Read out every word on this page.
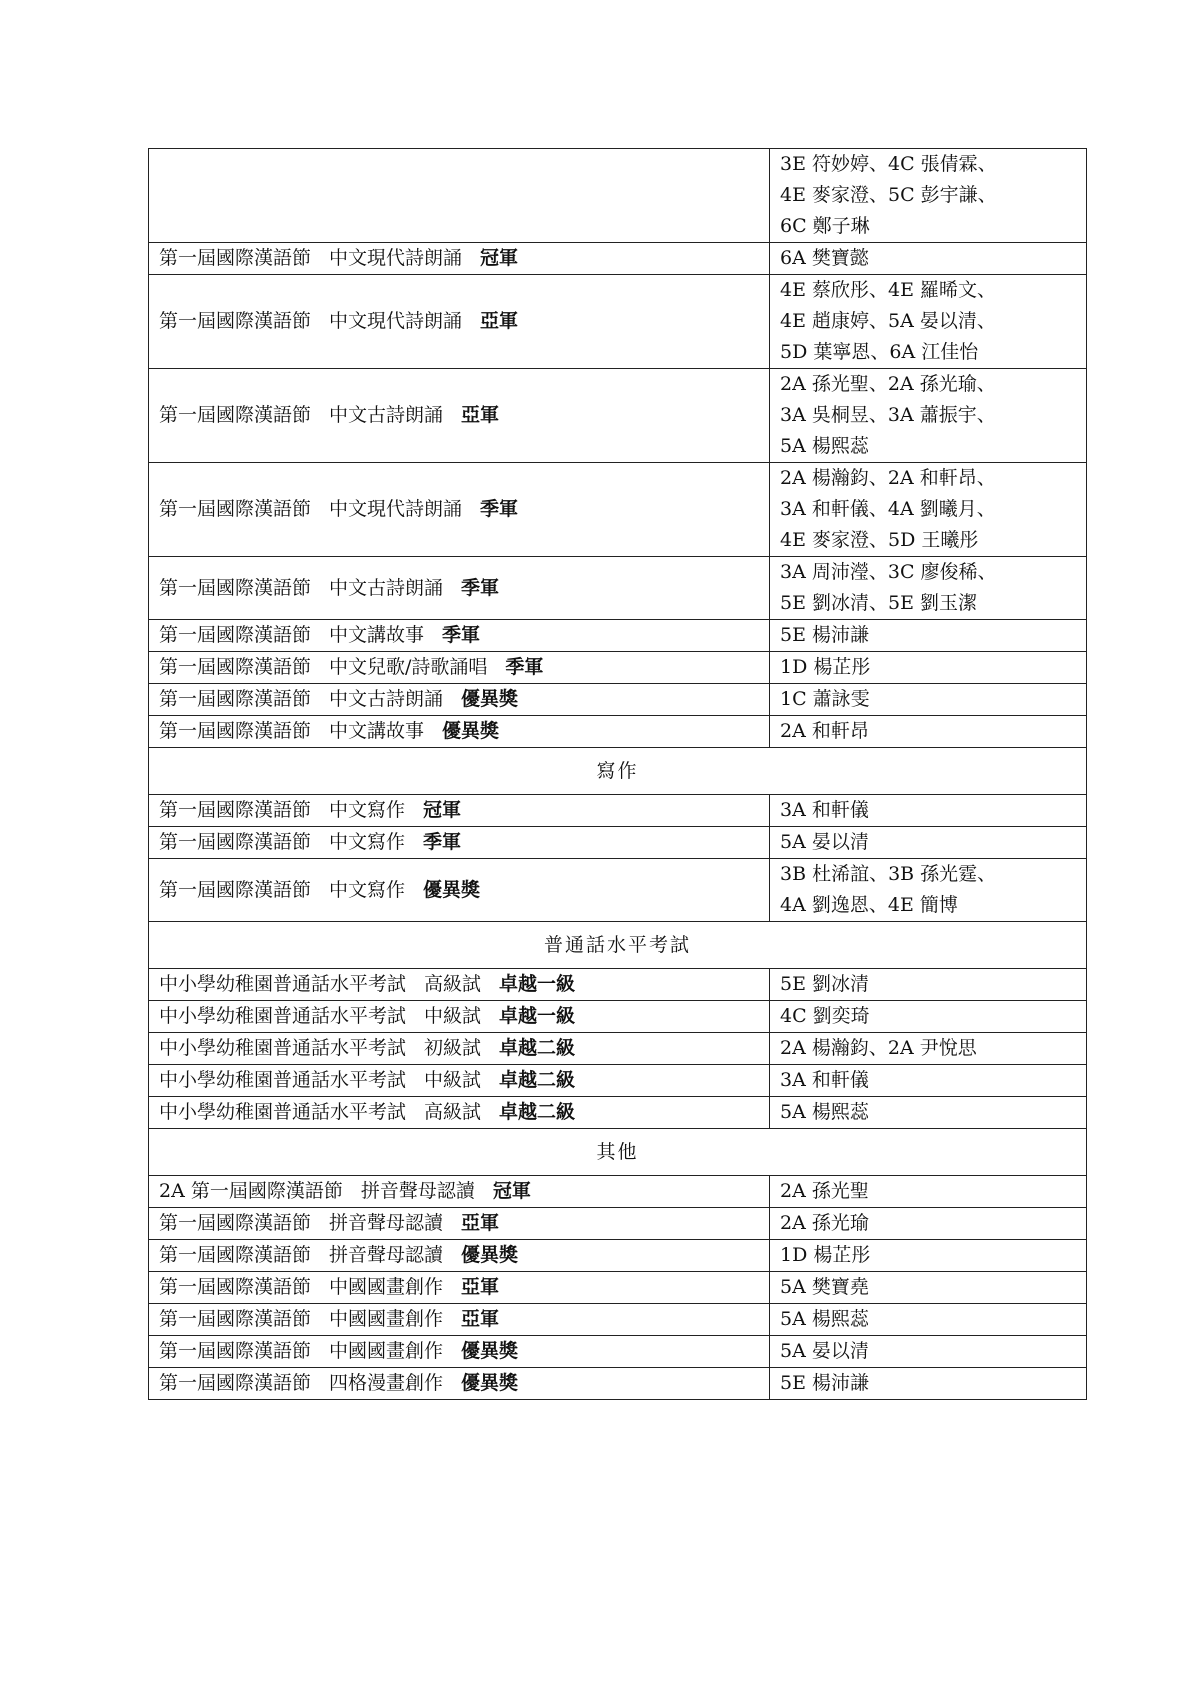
	3E 符妙婷、4C 張倩霖、
4E 麥家澄、5C 彭宇謙、
6C 鄭子琳

第一屆國際漢語節 中文現代詩朗誦 冠軍	6A 樊寶懿

第一屆國際漢語節 中文現代詩朗誦 亞軍	4E 蔡欣彤、4E 羅晞文、
4E 趙康婷、5A 晏以清、
5D 葉寧恩、6A 江佳怡

第一屆國際漢語節 中文古詩朗誦 亞軍	2A 孫光聖、2A 孫光瑜、
3A 吳桐昱、3A 蕭振宇、
5A 楊熙蕊

第一屆國際漢語節 中文現代詩朗誦 季軍	2A 楊瀚鈞、2A 和軒昂、
3A 和軒儀、4A 劉曦月、
4E 麥家澄、5D 王曦彤

第一屆國際漢語節 中文古詩朗誦 季軍	3A 周沛瀅、3C 廖俊稀、
5E 劉冰清、5E 劉玉潔

第一屆國際漢語節 中文講故事 季軍	5E 楊沛謙

第一屆國際漢語節 中文兒歌/詩歌誦唱 季軍	1D 楊芷彤

第一屆國際漢語節 中文古詩朗誦 優異獎	1C 蕭詠雯

第一屆國際漢語節 中文講故事 優異獎	2A 和軒昂

寫作	
第一屆國際漢語節 中文寫作 冠軍	3A 和軒儀

第一屆國際漢語節 中文寫作 季軍	5A 晏以清

第一屆國際漢語節 中文寫作 優異獎	3B 杜浠誼、3B 孫光霆、
4A 劉逸恩、4E 簡博

普通話水平考試	
中小學幼稚園普通話水平考試 高級試 卓越一級	5E 劉冰清

中小學幼稚園普通話水平考試 中級試 卓越一級	4C 劉奕琦

中小學幼稚園普通話水平考試 初級試 卓越二級	2A 楊瀚鈞、2A 尹悅思

中小學幼稚園普通話水平考試 中級試 卓越二級	3A 和軒儀

中小學幼稚園普通話水平考試 高級試 卓越二級	5A 楊熙蕊

其他	
2A 第一屆國際漢語節 拼音聲母認讀 冠軍	2A 孫光聖

第一屆國際漢語節 拼音聲母認讀 亞軍	2A 孫光瑜

第一屆國際漢語節 拼音聲母認讀 優異獎	1D 楊芷彤

第一屆國際漢語節 中國國畫創作 亞軍	5A 樊寶堯

第一屆國際漢語節 中國國畫創作 亞軍	5A 楊熙蕊

第一屆國際漢語節 中國國畫創作 優異獎	5A 晏以清

第一屆國際漢語節 四格漫畫創作 優異獎	5E 楊沛謙
